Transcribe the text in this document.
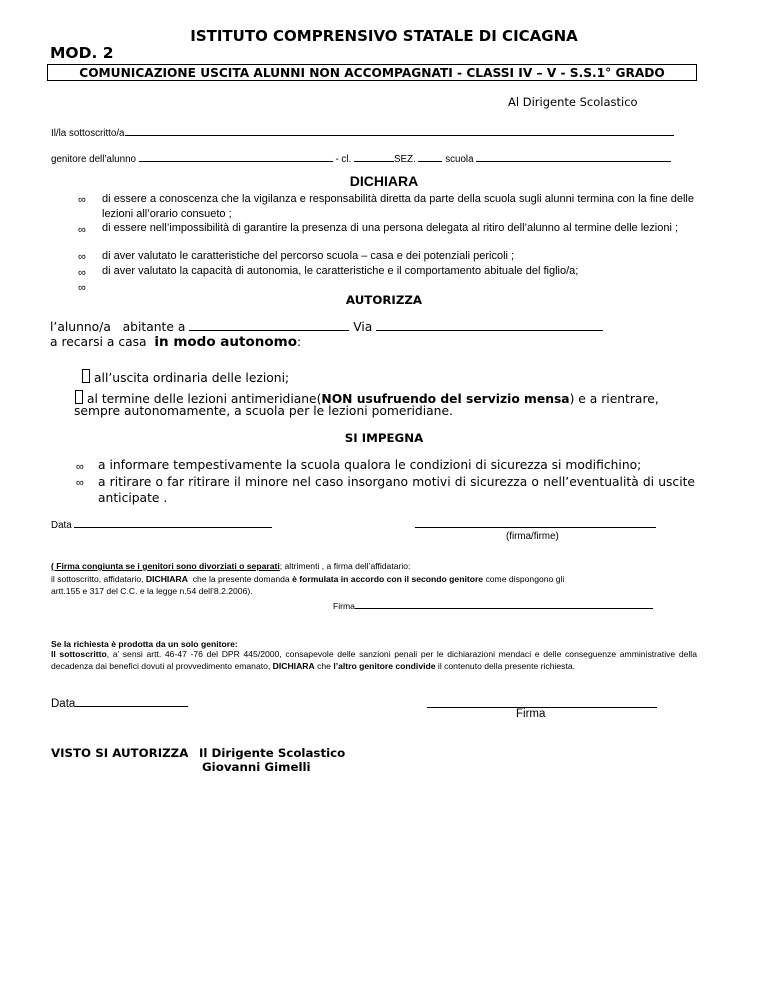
ISTITUTO COMPRENSIVO STATALE DI CICAGNA
MOD. 2
COMUNICAZIONE USCITA ALUNNI NON ACCOMPAGNATI - CLASSI IV – V - S.S.1° GRADO
Al Dirigente Scolastico
Il/la sottoscritto/a
genitore dell’alunno	- cl.	SEZ.	scuola
DICHIARA
∞ di essere a conoscenza che la vigilanza e responsabilità diretta da parte della scuola sugli alunni termina con la fine delle lezioni all’orario consueto ;
∞ di essere nell’impossibilità di garantire la presenza di una persona delegata al ritiro dell’alunno al termine delle lezioni ;
∞ di aver valutato le caratteristiche del percorso scuola – casa e dei potenziali pericoli ;
∞ di aver valutato la capacità di autonomia, le caratteristiche e il comportamento abituale del figlio/a;
∞
AUTORIZZA
l’alunno/a abitante a	Via
a recarsi a casa in modo autonomo:
all’uscita ordinaria delle lezioni;
al termine delle lezioni antimeridiane(NON usufruendo del servizio mensa) e a rientrare,
sempre autonomamente, a scuola per le lezioni pomeridiane.
SI IMPEGNA
∞ a informare tempestivamente la scuola qualora le condizioni di sicurezza si modifichino;
∞ a ritirare o far ritirare il minore nel caso insorgano motivi di sicurezza o nell’eventualità di uscite anticipate .
Data
(firma/firme)
( Firma congiunta se i genitori sono divorziati o separati; altrimenti , a firma dell’affidatario:
il sottoscritto, affidatario, DICHIARA  che la presente domanda è formulata in accordo con il secondo genitore come dispongono gli
artt.155 e 317 del C.C. e la legge n.54 dell’8.2.2006).
Firma
Se la richiesta è prodotta da un solo genitore:
Il sottoscritto, a’ sensi artt. 46-47 -76 del DPR 445/2000, consapevole delle sanzioni penali per le dichiarazioni mendaci e delle conseguenze amministrative della decadenza dai benefici dovuti al provvedimento emanato, DICHIARA che l’altro genitore condivide il contenuto della presente richiesta.
Data
Firma
VISTO SI AUTORIZZA Il Dirigente Scolastico
Giovanni Gimelli
